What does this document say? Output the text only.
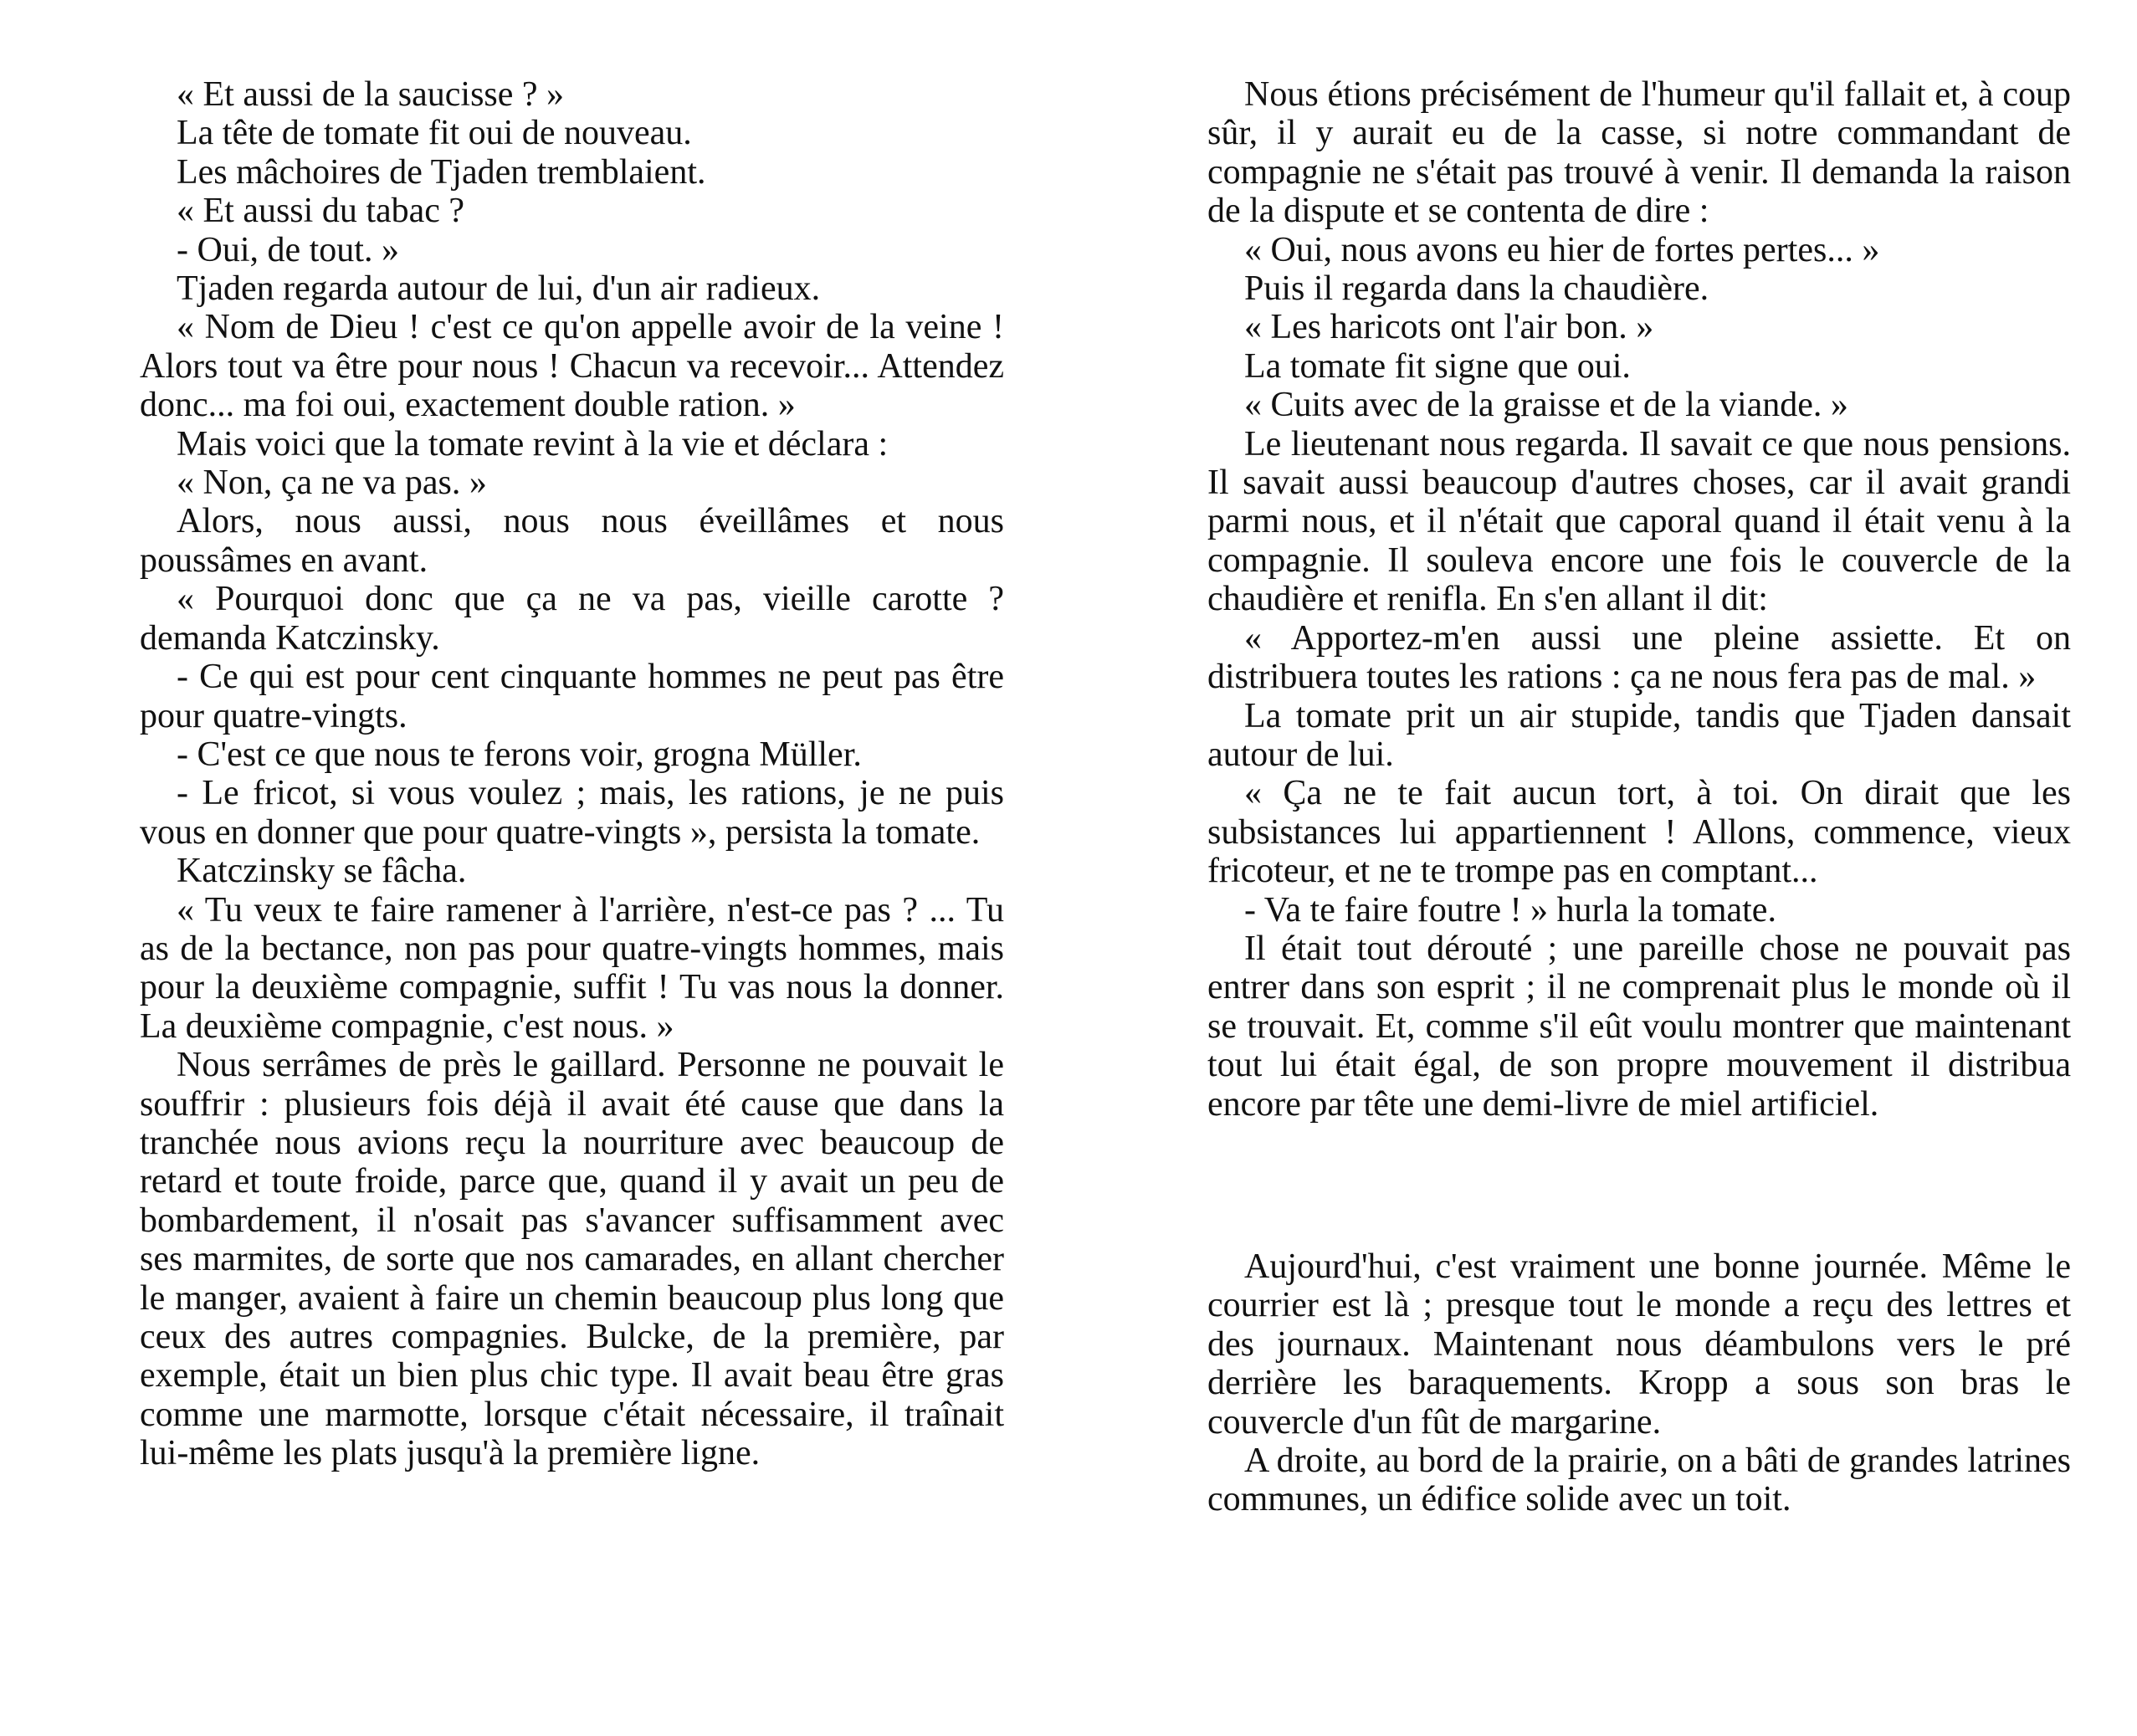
« Et aussi de la saucisse ? »

La tête de tomate fit oui de nouveau.

Les mâchoires de Tjaden tremblaient.

« Et aussi du tabac ?

- Oui, de tout. »

Tjaden regarda autour de lui, d'un air radieux.

« Nom de Dieu ! c'est ce qu'on appelle avoir de la veine ! Alors tout va être pour nous ! Chacun va recevoir... Attendez donc... ma foi oui, exactement double ration. »

Mais voici que la tomate revint à la vie et déclara :

« Non, ça ne va pas. »

Alors, nous aussi, nous nous éveillâmes et nous poussâmes en avant.

« Pourquoi donc que ça ne va pas, vieille carotte ? demanda Katczinsky.

- Ce qui est pour cent cinquante hommes ne peut pas être pour quatre-vingts.

- C'est ce que nous te ferons voir, grogna Müller.

- Le fricot, si vous voulez ; mais, les rations, je ne puis vous en donner que pour quatre-vingts », persista la tomate.

Katczinsky se fâcha.

« Tu veux te faire ramener à l'arrière, n'est-ce pas ? ... Tu as de la bectance, non pas pour quatre-vingts hommes, mais pour la deuxième compagnie, suffit ! Tu vas nous la donner. La deuxième compagnie, c'est nous. »

Nous serrâmes de près le gaillard. Personne ne pouvait le souffrir : plusieurs fois déjà il avait été cause que dans la tranchée nous avions reçu la nourriture avec beaucoup de retard et toute froide, parce que, quand il y avait un peu de bombardement, il n'osait pas s'avancer suffisamment avec ses marmites, de sorte que nos camarades, en allant chercher le manger, avaient à faire un chemin beaucoup plus long que ceux des autres compagnies. Bulcke, de la première, par exemple, était un bien plus chic type. Il avait beau être gras comme une marmotte, lorsque c'était nécessaire, il traînait lui-même les plats jusqu'à la première ligne.

Nous étions précisément de l'humeur qu'il fallait et, à coup sûr, il y aurait eu de la casse, si notre commandant de compagnie ne s'était pas trouvé à venir. Il demanda la raison de la dispute et se contenta de dire :

« Oui, nous avons eu hier de fortes pertes... »

Puis il regarda dans la chaudière.

« Les haricots ont l'air bon. »

La tomate fit signe que oui.

« Cuits avec de la graisse et de la viande. »

Le lieutenant nous regarda. Il savait ce que nous pensions. Il savait aussi beaucoup d'autres choses, car il avait grandi parmi nous, et il n'était que caporal quand il était venu à la compagnie. Il souleva encore une fois le couvercle de la chaudière et renifla. En s'en allant il dit:

« Apportez-m'en aussi une pleine assiette. Et on distribuera toutes les rations : ça ne nous fera pas de mal. »

La tomate prit un air stupide, tandis que Tjaden dansait autour de lui.

« Ça ne te fait aucun tort, à toi. On dirait que les subsistances lui appartiennent ! Allons, commence, vieux fricoteur, et ne te trompe pas en comptant...

- Va te faire foutre ! » hurla la tomate.

Il était tout dérouté ; une pareille chose ne pouvait pas entrer dans son esprit ; il ne comprenait plus le monde où il se trouvait. Et, comme s'il eût voulu montrer que maintenant tout lui était égal, de son propre mouvement il distribua encore par tête une demi-livre de miel artificiel.

Aujourd'hui, c'est vraiment une bonne journée. Même le courrier est là ; presque tout le monde a reçu des lettres et des journaux. Maintenant nous déambulons vers le pré derrière les baraquements. Kropp a sous son bras le couvercle d'un fût de margarine.

A droite, au bord de la prairie, on a bâti de grandes latrines communes, un édifice solide avec un toit.
